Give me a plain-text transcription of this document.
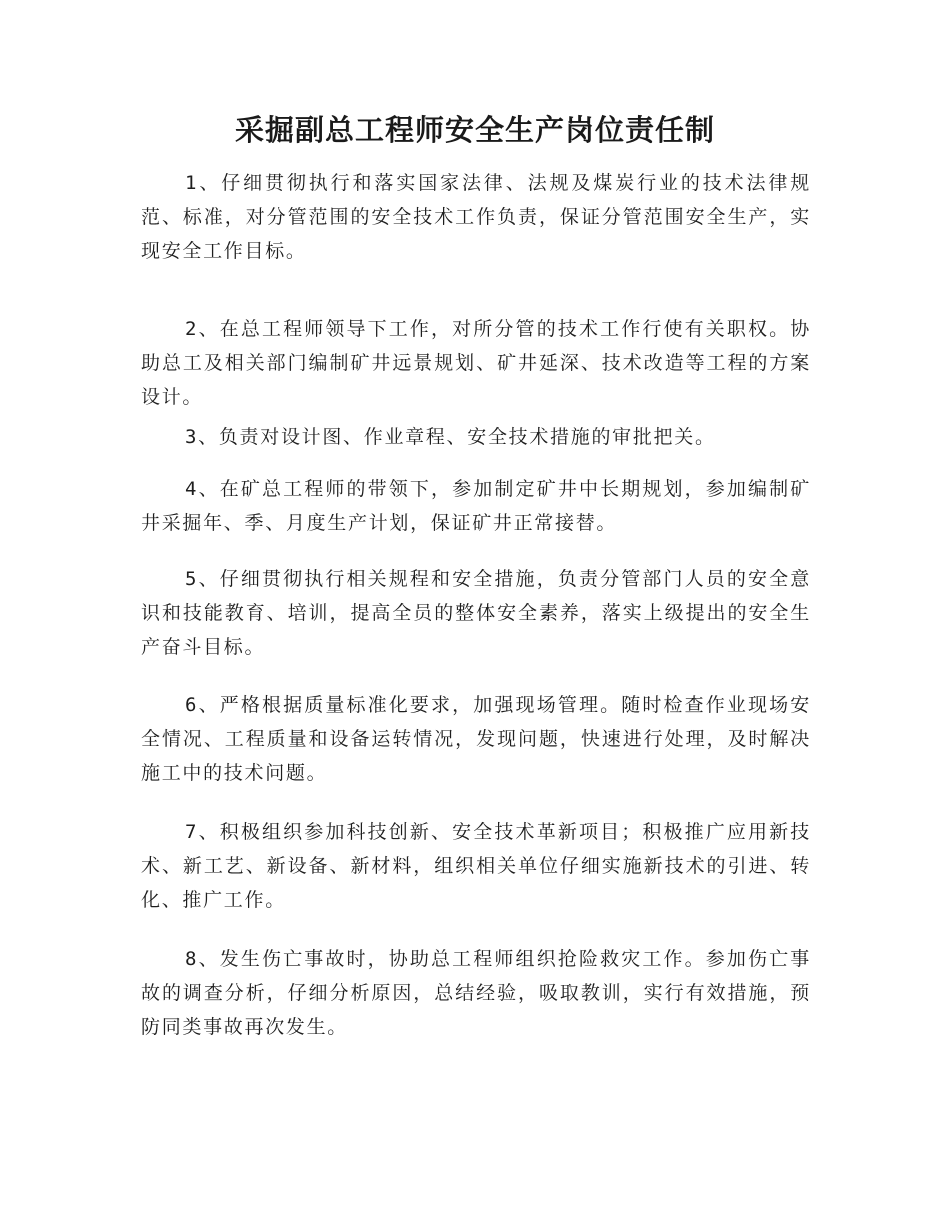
采掘副总工程师安全生产岗位责任制

1、仔细贯彻执行和落实国家法律、法规及煤炭行业的技术法律规范、标准，对分管范围的安全技术工作负责，保证分管范围安全生产，实现安全工作目标。

2、在总工程师领导下工作，对所分管的技术工作行使有关职权。协助总工及相关部门编制矿井远景规划、矿井延深、技术改造等工程的方案设计。

3、负责对设计图、作业章程、安全技术措施的审批把关。

4、在矿总工程师的带领下，参加制定矿井中长期规划，参加编制矿井采掘年、季、月度生产计划，保证矿井正常接替。

5、仔细贯彻执行相关规程和安全措施，负责分管部门人员的安全意识和技能教育、培训，提高全员的整体安全素养，落实上级提出的安全生产奋斗目标。

6、严格根据质量标准化要求，加强现场管理。随时检查作业现场安全情况、工程质量和设备运转情况，发现问题，快速进行处理，及时解决施工中的技术问题。

7、积极组织参加科技创新、安全技术革新项目；积极推广应用新技术、新工艺、新设备、新材料，组织相关单位仔细实施新技术的引进、转化、推广工作。

8、发生伤亡事故时，协助总工程师组织抢险救灾工作。参加伤亡事故的调查分析，仔细分析原因，总结经验，吸取教训，实行有效措施，预防同类事故再次发生。
